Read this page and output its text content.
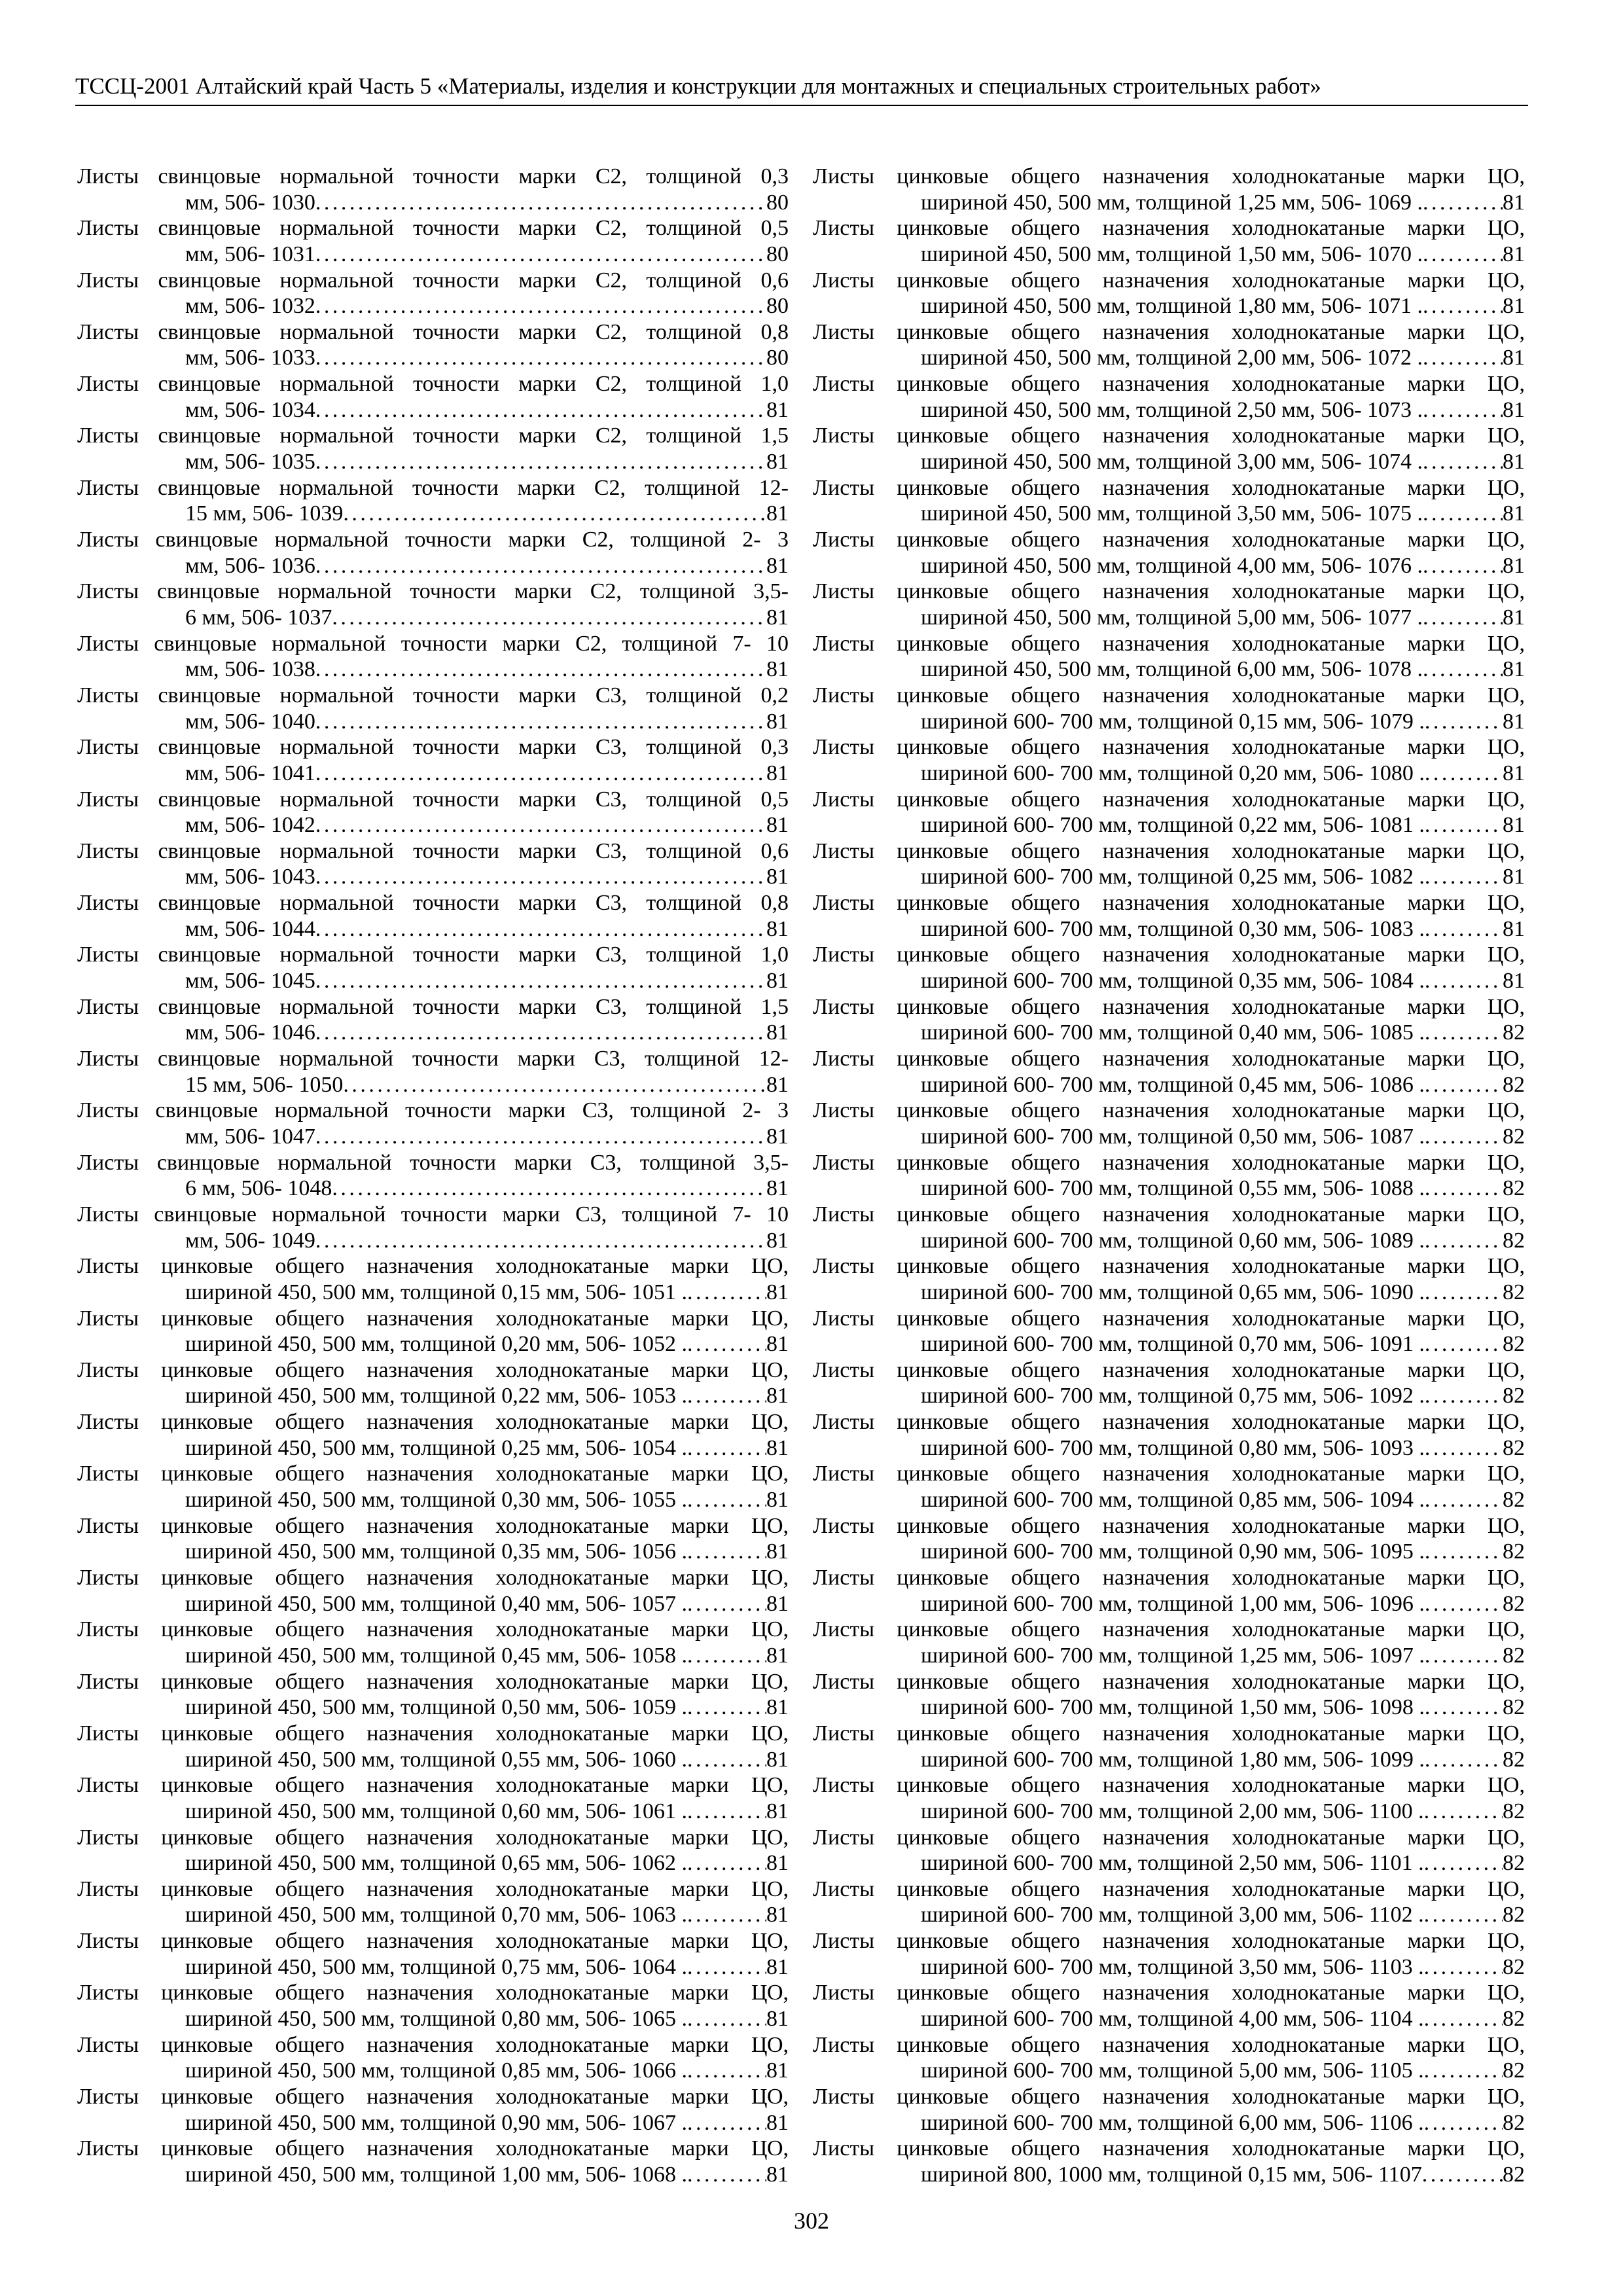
ТССЦ-2001 Алтайский край Часть 5 «Материалы, изделия и конструкции для монтажных и специальных строительных работ»
Листы свинцовые нормальной точности марки С2, толщиной 0,3
мм, 506- 1030 . . .	80
Листы свинцовые нормальной точности марки С2, толщиной 0,5
мм, 506- 1031 . . .	80
Листы свинцовые нормальной точности марки С2, толщиной 0,6
мм, 506- 1032 . . .	80
Листы свинцовые нормальной точности марки С2, толщиной 0,8
мм, 506- 1033 . . .	80
Листы свинцовые нормальной точности марки С2, толщиной 1,0
мм, 506- 1034 . . .	81
Листы свинцовые нормальной точности марки С2, толщиной 1,5
мм, 506- 1035 . . .	81
Листы свинцовые нормальной точности марки С2, толщиной 12-
15 мм, 506- 1039 . . .	81
Листы свинцовые нормальной точности марки С2, толщиной 2- 3
мм, 506- 1036 . . .	81
Листы свинцовые нормальной точности марки С2, толщиной 3,5-
6 мм, 506- 1037 . . .	81
Листы свинцовые нормальной точности марки С2, толщиной 7- 10
мм, 506- 1038 . . .	81
Листы свинцовые нормальной точности марки С3, толщиной 0,2
мм, 506- 1040 . . .	81
Листы свинцовые нормальной точности марки С3, толщиной 0,3
мм, 506- 1041 . . .	81
Листы свинцовые нормальной точности марки С3, толщиной 0,5
мм, 506- 1042 . . .	81
Листы свинцовые нормальной точности марки С3, толщиной 0,6
мм, 506- 1043 . . .	81
Листы свинцовые нормальной точности марки С3, толщиной 0,8
мм, 506- 1044 . . .	81
Листы свинцовые нормальной точности марки С3, толщиной 1,0
мм, 506- 1045 . . .	81
Листы свинцовые нормальной точности марки С3, толщиной 1,5
мм, 506- 1046 . . .	81
Листы свинцовые нормальной точности марки С3, толщиной 12-
15 мм, 506- 1050 . . .	81
Листы свинцовые нормальной точности марки С3, толщиной 2- 3
мм, 506- 1047 . . .	81
Листы свинцовые нормальной точности марки С3, толщиной 3,5-
6 мм, 506- 1048 . . .	81
Листы свинцовые нормальной точности марки С3, толщиной 7- 10
мм, 506- 1049 . . .	81
Листы цинковые общего назначения холоднокатаные марки ЦО,
шириной 450, 500 мм, толщиной 0,15 мм, 506- 1051 . . . .	81
Листы цинковые общего назначения холоднокатаные марки ЦО,
шириной 450, 500 мм, толщиной 0,20 мм, 506- 1052 . . . .	81
Листы цинковые общего назначения холоднокатаные марки ЦО,
шириной 450, 500 мм, толщиной 0,22 мм, 506- 1053 . . . .	81
Листы цинковые общего назначения холоднокатаные марки ЦО,
шириной 450, 500 мм, толщиной 0,25 мм, 506- 1054 . . . .	81
Листы цинковые общего назначения холоднокатаные марки ЦО,
шириной 450, 500 мм, толщиной 0,30 мм, 506- 1055 . . . .	81
Листы цинковые общего назначения холоднокатаные марки ЦО,
шириной 450, 500 мм, толщиной 0,35 мм, 506- 1056 . . . .	81
Листы цинковые общего назначения холоднокатаные марки ЦО,
шириной 450, 500 мм, толщиной 0,40 мм, 506- 1057 . . . .	81
Листы цинковые общего назначения холоднокатаные марки ЦО,
шириной 450, 500 мм, толщиной 0,45 мм, 506- 1058 . . . .	81
Листы цинковые общего назначения холоднокатаные марки ЦО,
шириной 450, 500 мм, толщиной 0,50 мм, 506- 1059 . . . .	81
Листы цинковые общего назначения холоднокатаные марки ЦО,
шириной 450, 500 мм, толщиной 0,55 мм, 506- 1060 . . . .	81
Листы цинковые общего назначения холоднокатаные марки ЦО,
шириной 450, 500 мм, толщиной 0,60 мм, 506- 1061 . . . .	81
Листы цинковые общего назначения холоднокатаные марки ЦО,
шириной 450, 500 мм, толщиной 0,65 мм, 506- 1062 . . . .	81
Листы цинковые общего назначения холоднокатаные марки ЦО,
шириной 450, 500 мм, толщиной 0,70 мм, 506- 1063 . . . .	81
Листы цинковые общего назначения холоднокатаные марки ЦО,
шириной 450, 500 мм, толщиной 0,75 мм, 506- 1064 . . . .	81
Листы цинковые общего назначения холоднокатаные марки ЦО,
шириной 450, 500 мм, толщиной 0,80 мм, 506- 1065 . . . .	81
Листы цинковые общего назначения холоднокатаные марки ЦО,
шириной 450, 500 мм, толщиной 0,85 мм, 506- 1066 . . . .	81
Листы цинковые общего назначения холоднокатаные марки ЦО,
шириной 450, 500 мм, толщиной 0,90 мм, 506- 1067 . . . .	81
Листы цинковые общего назначения холоднокатаные марки ЦО,
шириной 450, 500 мм, толщиной 1,00 мм, 506- 1068 . . . .	81
Листы цинковые общего назначения холоднокатаные марки ЦО,
шириной 450, 500 мм, толщиной 1,25 мм, 506- 1069 . . . .	81
Листы цинковые общего назначения холоднокатаные марки ЦО,
шириной 450, 500 мм, толщиной 1,50 мм, 506- 1070 . . . .	81
Листы цинковые общего назначения холоднокатаные марки ЦО,
шириной 450, 500 мм, толщиной 1,80 мм, 506- 1071 . . . .	81
Листы цинковые общего назначения холоднокатаные марки ЦО,
шириной 450, 500 мм, толщиной 2,00 мм, 506- 1072 . . . .	81
Листы цинковые общего назначения холоднокатаные марки ЦО,
шириной 450, 500 мм, толщиной 2,50 мм, 506- 1073 . . . .	81
Листы цинковые общего назначения холоднокатаные марки ЦО,
шириной 450, 500 мм, толщиной 3,00 мм, 506- 1074 . . . .	81
Листы цинковые общего назначения холоднокатаные марки ЦО,
шириной 450, 500 мм, толщиной 3,50 мм, 506- 1075 . . . .	81
Листы цинковые общего назначения холоднокатаные марки ЦО,
шириной 450, 500 мм, толщиной 4,00 мм, 506- 1076 . . . .	81
Листы цинковые общего назначения холоднокатаные марки ЦО,
шириной 450, 500 мм, толщиной 5,00 мм, 506- 1077 . . . .	81
Листы цинковые общего назначения холоднокатаные марки ЦО,
шириной 450, 500 мм, толщиной 6,00 мм, 506- 1078 . . . .	81
Листы цинковые общего назначения холоднокатаные марки ЦО,
шириной 600- 700 мм, толщиной 0,15 мм, 506- 1079 . . . .	81
Листы цинковые общего назначения холоднокатаные марки ЦО,
шириной 600- 700 мм, толщиной 0,20 мм, 506- 1080 . . . .	81
Листы цинковые общего назначения холоднокатаные марки ЦО,
шириной 600- 700 мм, толщиной 0,22 мм, 506- 1081 . . . .	81
Листы цинковые общего назначения холоднокатаные марки ЦО,
шириной 600- 700 мм, толщиной 0,25 мм, 506- 1082 . . . .	81
Листы цинковые общего назначения холоднокатаные марки ЦО,
шириной 600- 700 мм, толщиной 0,30 мм, 506- 1083 . . . .	81
Листы цинковые общего назначения холоднокатаные марки ЦО,
шириной 600- 700 мм, толщиной 0,35 мм, 506- 1084 . . . .	81
Листы цинковые общего назначения холоднокатаные марки ЦО,
шириной 600- 700 мм, толщиной 0,40 мм, 506- 1085 . . . .	82
Листы цинковые общего назначения холоднокатаные марки ЦО,
шириной 600- 700 мм, толщиной 0,45 мм, 506- 1086 . . . .	82
Листы цинковые общего назначения холоднокатаные марки ЦО,
шириной 600- 700 мм, толщиной 0,50 мм, 506- 1087 . . . .	82
Листы цинковые общего назначения холоднокатаные марки ЦО,
шириной 600- 700 мм, толщиной 0,55 мм, 506- 1088 . . . .	82
Листы цинковые общего назначения холоднокатаные марки ЦО,
шириной 600- 700 мм, толщиной 0,60 мм, 506- 1089 . . . .	82
Листы цинковые общего назначения холоднокатаные марки ЦО,
шириной 600- 700 мм, толщиной 0,65 мм, 506- 1090 . . . .	82
Листы цинковые общего назначения холоднокатаные марки ЦО,
шириной 600- 700 мм, толщиной 0,70 мм, 506- 1091 . . . .	82
Листы цинковые общего назначения холоднокатаные марки ЦО,
шириной 600- 700 мм, толщиной 0,75 мм, 506- 1092 . . . .	82
Листы цинковые общего назначения холоднокатаные марки ЦО,
шириной 600- 700 мм, толщиной 0,80 мм, 506- 1093 . . . .	82
Листы цинковые общего назначения холоднокатаные марки ЦО,
шириной 600- 700 мм, толщиной 0,85 мм, 506- 1094 . . . .	82
Листы цинковые общего назначения холоднокатаные марки ЦО,
шириной 600- 700 мм, толщиной 0,90 мм, 506- 1095 . . . .	82
Листы цинковые общего назначения холоднокатаные марки ЦО,
шириной 600- 700 мм, толщиной 1,00 мм, 506- 1096 . . . .	82
Листы цинковые общего назначения холоднокатаные марки ЦО,
шириной 600- 700 мм, толщиной 1,25 мм, 506- 1097 . . . .	82
Листы цинковые общего назначения холоднокатаные марки ЦО,
шириной 600- 700 мм, толщиной 1,50 мм, 506- 1098 . . . .	82
Листы цинковые общего назначения холоднокатаные марки ЦО,
шириной 600- 700 мм, толщиной 1,80 мм, 506- 1099 . . . .	82
Листы цинковые общего назначения холоднокатаные марки ЦО,
шириной 600- 700 мм, толщиной 2,00 мм, 506- 1100 . . . .	82
Листы цинковые общего назначения холоднокатаные марки ЦО,
шириной 600- 700 мм, толщиной 2,50 мм, 506- 1101 . . . .	82
Листы цинковые общего назначения холоднокатаные марки ЦО,
шириной 600- 700 мм, толщиной 3,00 мм, 506- 1102 . . . .	82
Листы цинковые общего назначения холоднокатаные марки ЦО,
шириной 600- 700 мм, толщиной 3,50 мм, 506- 1103 . . . .	82
Листы цинковые общего назначения холоднокатаные марки ЦО,
шириной 600- 700 мм, толщиной 4,00 мм, 506- 1104 . . . .	82
Листы цинковые общего назначения холоднокатаные марки ЦО,
шириной 600- 700 мм, толщиной 5,00 мм, 506- 1105 . . . .	82
Листы цинковые общего назначения холоднокатаные марки ЦО,
шириной 600- 700 мм, толщиной 6,00 мм, 506- 1106 . . . .	82
Листы цинковые общего назначения холоднокатаные марки ЦО,
шириной 800, 1000 мм, толщиной 0,15 мм, 506- 1107 . . .	82
302
